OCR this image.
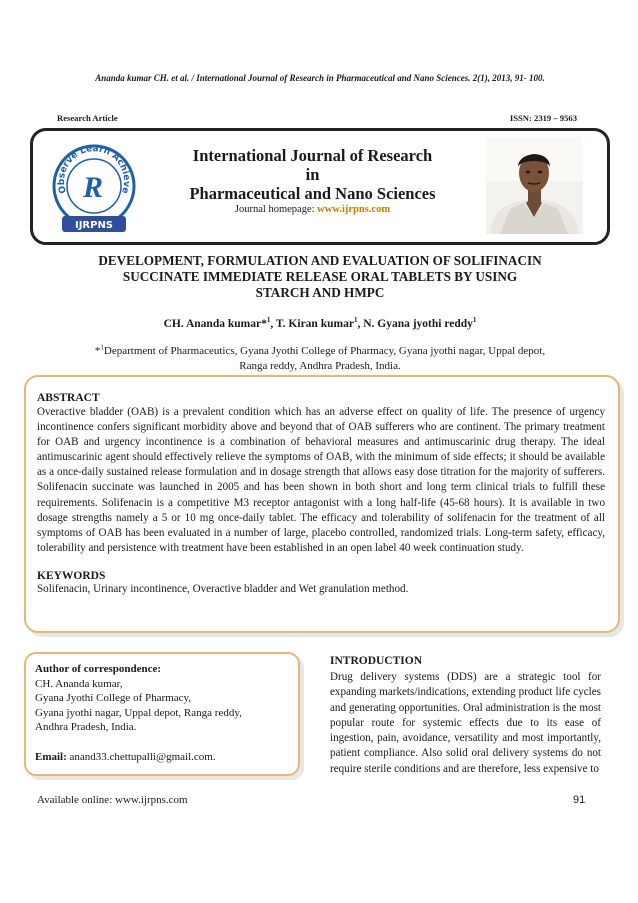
Ananda kumar CH. et al. / International Journal of Research in Pharmaceutical and Nano Sciences. 2(1), 2013, 91- 100.
Research Article	ISSN: 2319 – 9563
Observe Learn Achieve
R
IJRPNS
International Journal of Research
in
Pharmaceutical and Nano Sciences
Journal homepage: www.ijrpns.com
DEVELOPMENT, FORMULATION AND EVALUATION OF SOLIFINACIN
SUCCINATE IMMEDIATE RELEASE ORAL TABLETS BY USING
STARCH AND HMPC
CH. Ananda kumar*$^1$, T. Kiran kumar$^1$, N. Gyana jyothi reddy$^1$
*$^1$Department of Pharmaceutics, Gyana Jyothi College of Pharmacy, Gyana jyothi nagar, Uppal depot,
Ranga reddy, Andhra Pradesh, India.
ABSTRACT
Overactive bladder (OAB) is a prevalent condition which has an adverse effect on quality of life. The presence of urgency incontinence confers significant morbidity above and beyond that of OAB sufferers who are continent. The primary treatment for OAB and urgency incontinence is a combination of behavioral measures and antimuscarinic drug therapy. The ideal antimuscarinic agent should effectively relieve the symptoms of OAB, with the minimum of side effects; it should be available as a once-daily sustained release formulation and in dosage strength that allows easy dose titration for the majority of sufferers. Solifenacin succinate was launched in 2005 and has been shown in both short and long term clinical trials to fulfill these requirements. Solifenacin is a competitive M3 receptor antagonist with a long half-life (45-68 hours). It is available in two dosage strengths namely a 5 or 10 mg once-daily tablet. The efficacy and tolerability of solifenacin for the treatment of all symptoms of OAB has been evaluated in a number of large, placebo controlled, randomized trials. Long-term safety, efficacy, tolerability and persistence with treatment have been established in an open label 40 week continuation study.
KEYWORDS
Solifenacin, Urinary incontinence, Overactive bladder and Wet granulation method.
Author of correspondence:
CH. Ananda kumar,
Gyana Jyothi College of Pharmacy,
Gyana jyothi nagar, Uppal depot, Ranga reddy,
Andhra Pradesh, India.
Email: anand33.chettupalli@gmail.com.
INTRODUCTION
Drug delivery systems (DDS) are a strategic tool for expanding markets/indications, extending product life cycles and generating opportunities. Oral administration is the most popular route for systemic effects due to its ease of ingestion, pain, avoidance, versatility and most importantly, patient compliance. Also solid oral delivery systems do not require sterile conditions and are therefore, less expensive to
Available online: www.ijrpns.com	91
